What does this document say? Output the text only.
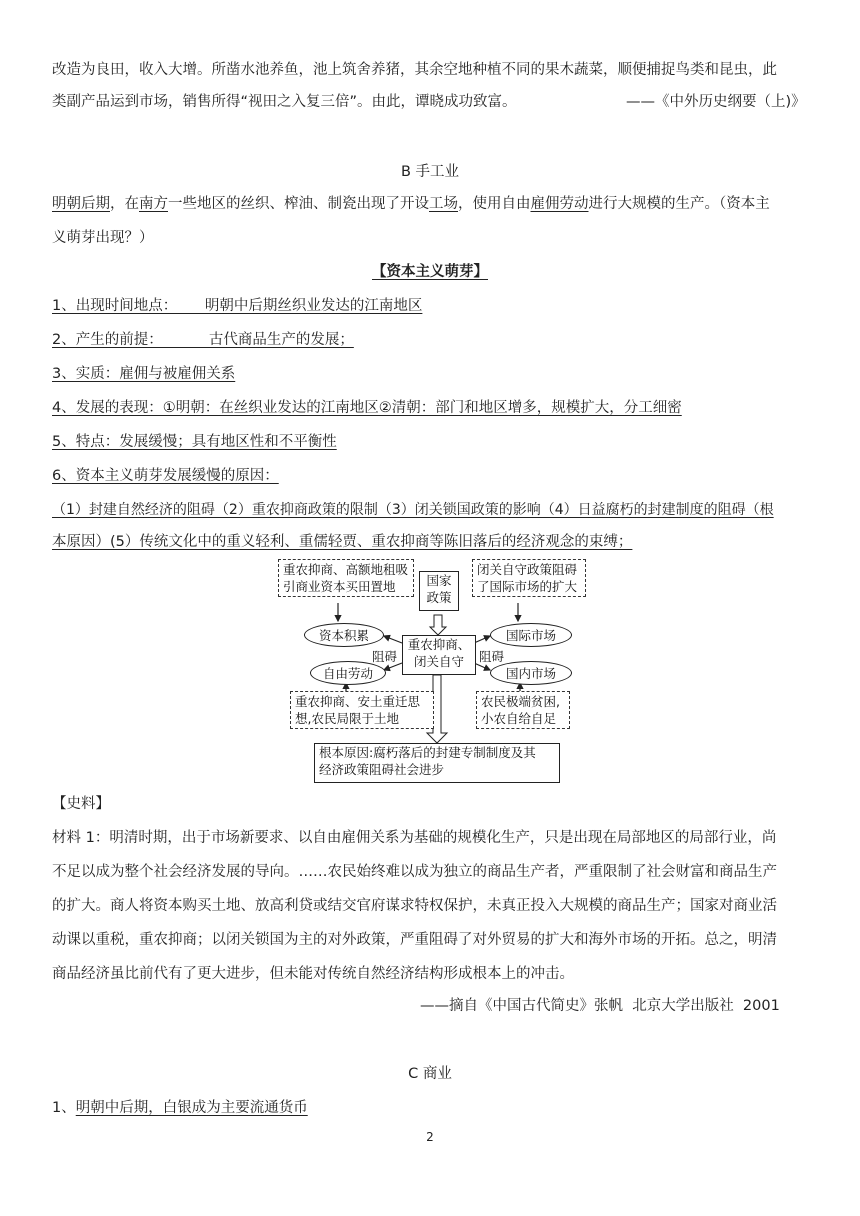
改造为良田，收入大增。所凿水池养鱼，池上筑舍养猪，其余空地种植不同的果木蔬菜，顺便捕捉鸟类和昆虫，此
类副产品运到市场，销售所得“视田之入复三倍”。由此，谭晓成功致富。	——《中外历史纲要（上)》
B 手工业
明朝后期，在南方一些地区的丝织、榨油、制瓷出现了开设工场，使用自由雇佣劳动进行大规模的生产。（资本主
义萌芽出现？）
【资本主义萌芽】
1、出现时间地点：      明朝中后期丝织业发达的江南地区
2、产生的前提：          古代商品生产的发展；
3、实质：雇佣与被雇佣关系
4、发展的表现：①明朝：在丝织业发达的江南地区②清朝：部门和地区增多，规模扩大，分工细密
5、特点：发展缓慢；具有地区性和不平衡性
6、资本主义萌芽发展缓慢的原因：
（1）封建自然经济的阻碍（2）重农抑商政策的限制（3）闭关锁国政策的影响（4）日益腐朽的封建制度的阻碍（根
本原因）(5）传统文化中的重义轻利、重儒轻贾、重农抑商等陈旧落后的经济观念的束缚；
重农抑商、高额地租吸
引商业资本买田置地	国家
政策
闭关自守政策阻碍
了国际市场的扩大
重农抑商、
闭关自守
资本积累
自由劳动
国际市场
国内市场
阻碍	阻碍
重农抑商、安土重迁思
想,农民局限于土地
农民极端贫困,
小农自给自足
根本原因:腐朽落后的封建专制制度及其
经济政策阻碍社会进步
【史料】
材料 1：明清时期，出于市场新要求、以自由雇佣关系为基础的规模化生产，只是出现在局部地区的局部行业，尚
不足以成为整个社会经济发展的导向。……农民始终难以成为独立的商品生产者，严重限制了社会财富和商品生产
的扩大。商人将资本购买土地、放高利贷或结交官府谋求特权保护，未真正投入大规模的商品生产；国家对商业活
动课以重税，重农抑商；以闭关锁国为主的对外政策，严重阻碍了对外贸易的扩大和海外市场的开拓。总之，明清
商品经济虽比前代有了更大进步，但未能对传统自然经济结构形成根本上的冲击。
——摘自《中国古代简史》张帆  北京大学出版社  2001
C 商业
1、明朝中后期，白银成为主要流通货币
2
